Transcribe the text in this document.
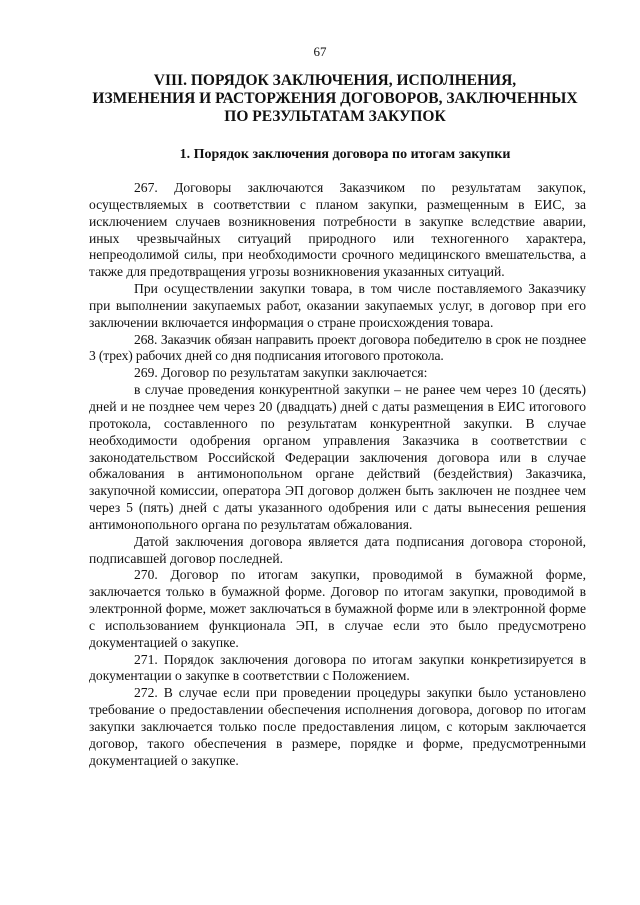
67
VIII. ПОРЯДОК ЗАКЛЮЧЕНИЯ, ИСПОЛНЕНИЯ,
ИЗМЕНЕНИЯ И РАСТОРЖЕНИЯ ДОГОВОРОВ, ЗАКЛЮЧЕННЫХ
ПО РЕЗУЛЬТАТАМ ЗАКУПОК
1. Порядок заключения договора по итогам закупки

267. Договоры заключаются Заказчиком по результатам закупок, осуществляемых в соответствии с планом закупки, размещенным в ЕИС, за исключением случаев возникновения потребности в закупке вследствие аварии, иных чрезвычайных ситуаций природного или техногенного характера, непреодолимой силы, при необходимости срочного медицинского вмешательства, а также для предотвращения угрозы возникновения указанных ситуаций.

При осуществлении закупки товара, в том числе поставляемого Заказчику при выполнении закупаемых работ, оказании закупаемых услуг, в договор при его заключении включается информация о стране происхождения товара.

268. Заказчик обязан направить проект договора победителю в срок не позднее 3 (трех) рабочих дней со дня подписания итогового протокола.

269. Договор по результатам закупки заключается:

в случае проведения конкурентной закупки – не ранее чем через 10 (десять) дней и не позднее чем через 20 (двадцать) дней с даты размещения в ЕИС итогового протокола, составленного по результатам конкурентной закупки. В случае необходимости одобрения органом управления Заказчика в соответствии с законодательством Российской Федерации заключения договора или в случае обжалования в антимонопольном органе действий (бездействия) Заказчика, закупочной комиссии, оператора ЭП договор должен быть заключен не позднее чем через 5 (пять) дней с даты указанного одобрения или с даты вынесения решения антимонопольного органа по результатам обжалования.

Датой заключения договора является дата подписания договора стороной, подписавшей договор последней.

270. Договор по итогам закупки, проводимой в бумажной форме, заключается только в бумажной форме. Договор по итогам закупки, проводимой в электронной форме, может заключаться в бумажной форме или в электронной форме с использованием функционала ЭП, в случае если это было предусмотрено документацией о закупке.

271. Порядок заключения договора по итогам закупки конкретизируется в документации о закупке в соответствии с Положением.

272. В случае если при проведении процедуры закупки было установлено требование о предоставлении обеспечения исполнения договора, договор по итогам закупки заключается только после предоставления лицом, с которым заключается договор, такого обеспечения в размере, порядке и форме, предусмотренными документацией о закупке.
